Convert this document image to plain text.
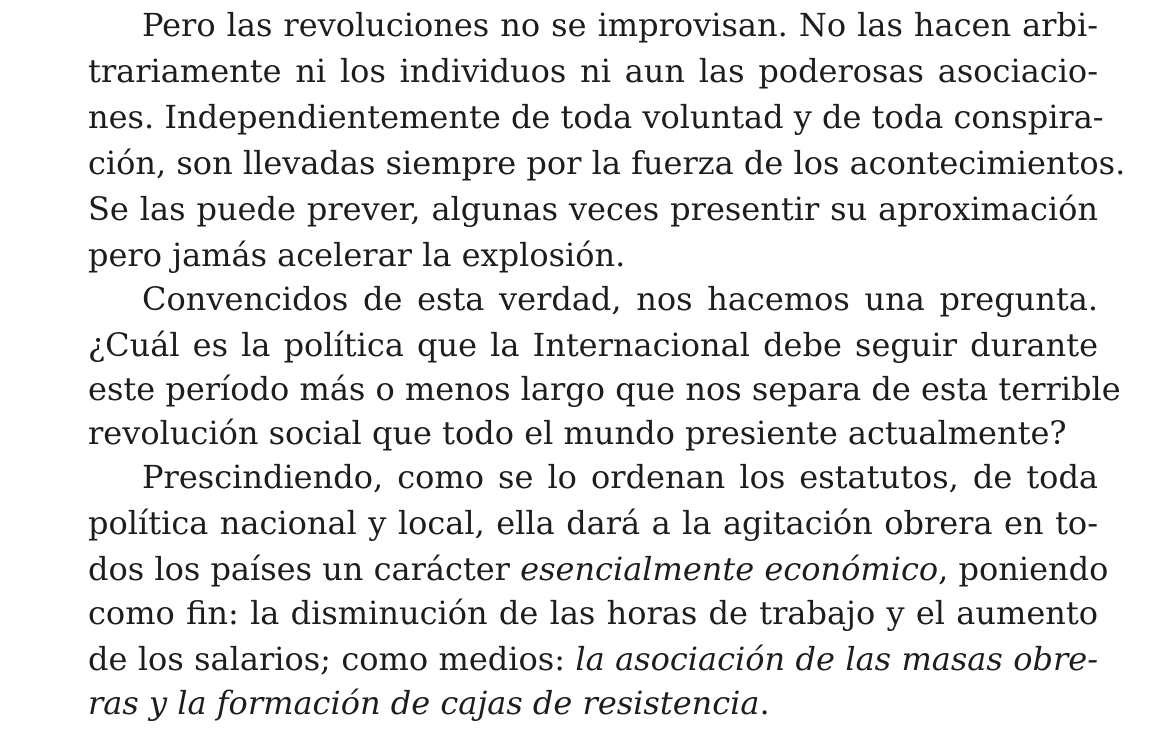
Pero las revoluciones no se improvisan. No las hacen arbi-
trariamente ni los individuos ni aun las poderosas asociacio-
nes. Independientemente de toda voluntad y de toda conspira-
ción, son llevadas siempre por la fuerza de los acontecimientos.
Se las puede prever, algunas veces presentir su aproximación
pero jamás acelerar la explosión.
Convencidos de esta verdad, nos hacemos una pregunta.
¿Cuál es la política que la Internacional debe seguir durante
este período más o menos largo que nos separa de esta terrible
revolución social que todo el mundo presiente actualmente?
Prescindiendo, como se lo ordenan los estatutos, de toda
política nacional y local, ella dará a la agitación obrera en to-
dos los países un carácter esencialmente económico, poniendo
como fin: la disminución de las horas de trabajo y el aumento
de los salarios; como medios: la asociación de las masas obre-
ras y la formación de cajas de resistencia.
